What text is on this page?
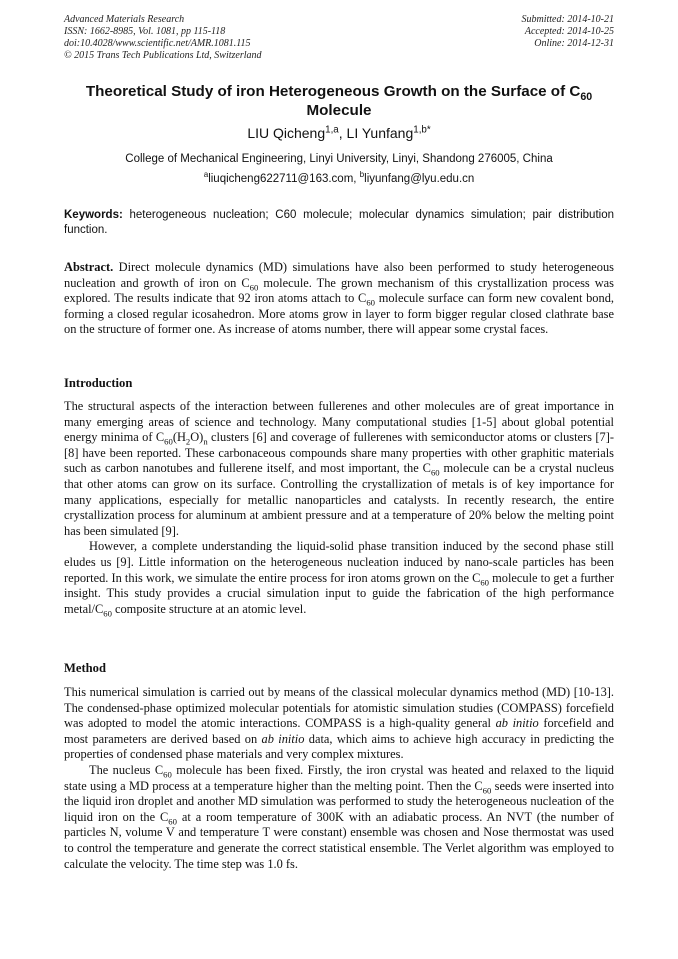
Advanced Materials Research
ISSN: 1662-8985, Vol. 1081, pp 115-118
doi:10.4028/www.scientific.net/AMR.1081.115
© 2015 Trans Tech Publications Ltd, Switzerland
Submitted: 2014-10-21
Accepted: 2014-10-25
Online: 2014-12-31
Theoretical Study of iron Heterogeneous Growth on the Surface of $C_{60}$
Molecule
LIU Qicheng$^{1,a}$, LI Yunfang$^{1,b*}$
College of Mechanical Engineering, Linyi University, Linyi, Shandong 276005, China
$^a$liuqicheng622711@163.com, $^b$liyunfang@lyu.edu.cn
Keywords: heterogeneous nucleation; C60 molecule; molecular dynamics simulation; pair distribution function.

Abstract. Direct molecule dynamics (MD) simulations have also been performed to study heterogeneous nucleation and growth of iron on $C_{60}$ molecule. The grown mechanism of this crystallization process was explored. The results indicate that 92 iron atoms attach to $C_{60}$ molecule surface can form new covalent bond, forming a closed regular icosahedron. More atoms grow in layer to form bigger regular closed clathrate base on the structure of former one. As increase of atoms number, there will appear some crystal faces.

Introduction

The structural aspects of the interaction between fullerenes and other molecules are of great importance in many emerging areas of science and technology. Many computational studies [1-5] about global potential energy minima of $C_{60}(H_2O)_n$ clusters [6] and coverage of fullerenes with semiconductor atoms or clusters [7]-[8] have been reported. These carbonaceous compounds share many properties with other graphitic materials such as carbon nanotubes and fullerene itself, and most important, the $C_{60}$ molecule can be a crystal nucleus that other atoms can grow on its surface. Controlling the crystallization of metals is of key importance for many applications, especially for metallic nanoparticles and catalysts. In recently research, the entire crystallization process for aluminum at ambient pressure and at a temperature of 20% below the melting point has been simulated [9].

However, a complete understanding the liquid-solid phase transition induced by the second phase still eludes us [9]. Little information on the heterogeneous nucleation induced by nano-scale particles has been reported. In this work, we simulate the entire process for iron atoms grown on the $C_{60}$ molecule to get a further insight. This study provides a crucial simulation input to guide the fabrication of the high performance metal/$C_{60}$ composite structure at an atomic level.

Method

This numerical simulation is carried out by means of the classical molecular dynamics method (MD) [10-13]. The condensed-phase optimized molecular potentials for atomistic simulation studies (COMPASS) forcefield was adopted to model the atomic interactions. COMPASS is a high-quality general ab initio forcefield and most parameters are derived based on ab initio data, which aims to achieve high accuracy in predicting the properties of condensed phase materials and very complex mixtures.

The nucleus $C_{60}$ molecule has been fixed. Firstly, the iron crystal was heated and relaxed to the liquid state using a MD process at a temperature higher than the melting point. Then the $C_{60}$ seeds were inserted into the liquid iron droplet and another MD simulation was performed to study the heterogeneous nucleation of the liquid iron on the $C_{60}$ at a room temperature of 300K with an adiabatic process. An NVT (the number of particles N, volume V and temperature T were constant) ensemble was chosen and Nose thermostat was used to control the temperature and generate the correct statistical ensemble. The Verlet algorithm was employed to calculate the velocity. The time step was 1.0 fs.
